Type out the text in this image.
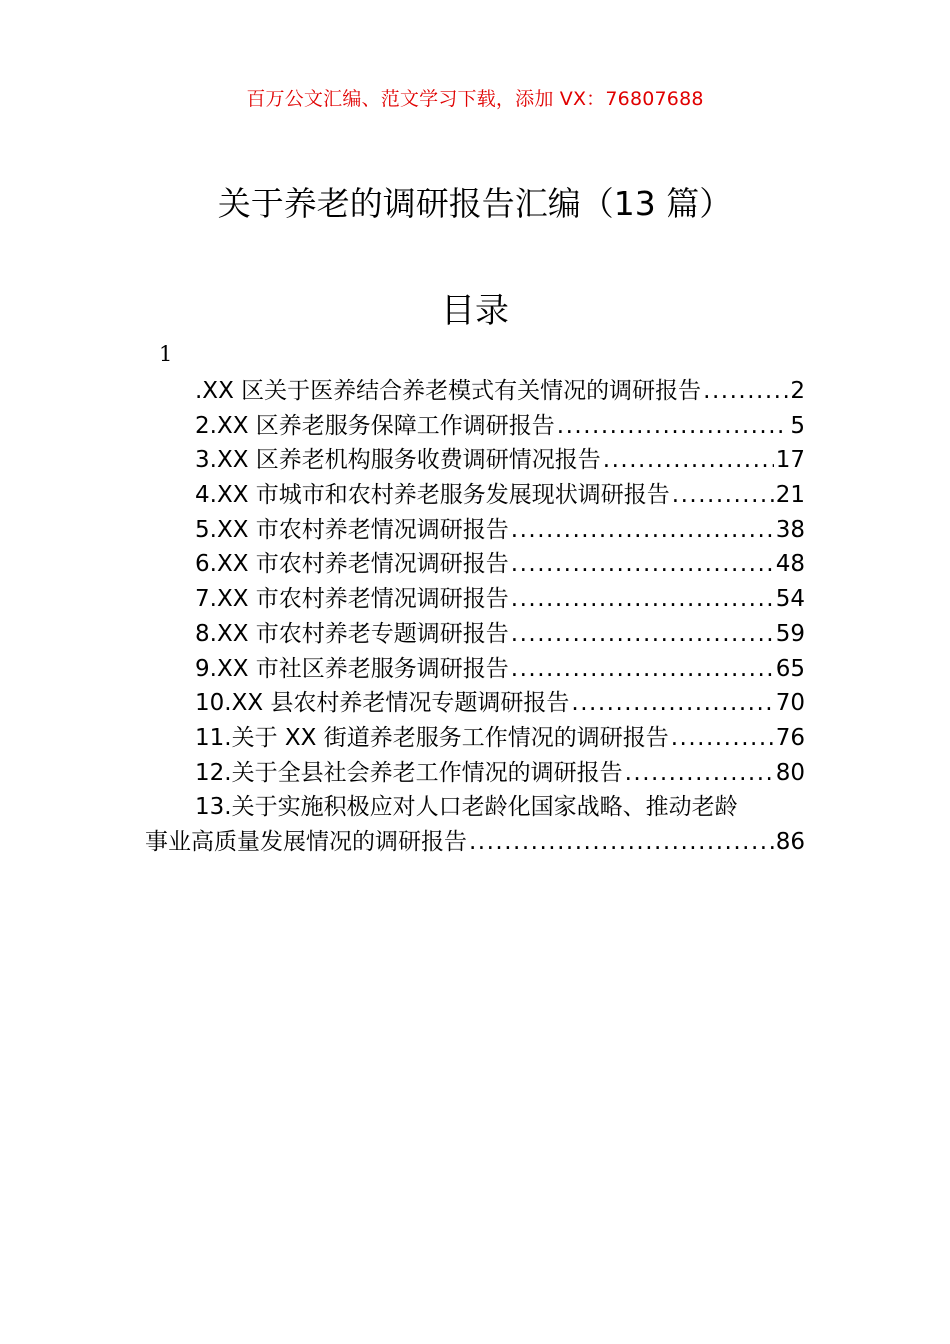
百万公文汇编、范文学习下载，添加 VX：76807688
关于养老的调研报告汇编（13 篇）
目录
1
.XX 区关于医养结合养老模式有关情况的调研报告 .....	2
2.XX 区养老服务保障工作调研报告 .....	5
3.XX 区养老机构服务收费调研情况报告 .....	17
4.XX 市城市和农村养老服务发展现状调研报告 .....	21
5.XX 市农村养老情况调研报告 .....	38
6.XX 市农村养老情况调研报告 .....	48
7.XX 市农村养老情况调研报告 .....	54
8.XX 市农村养老专题调研报告 .....	59
9.XX 市社区养老服务调研报告 .....	65
10.XX 县农村养老情况专题调研报告 .....	70
11.关于 XX 街道养老服务工作情况的调研报告 .....	76
12.关于全县社会养老工作情况的调研报告 .....	80
13.关于实施积极应对人口老龄化国家战略、推动老龄
事业高质量发展情况的调研报告 .....	86
